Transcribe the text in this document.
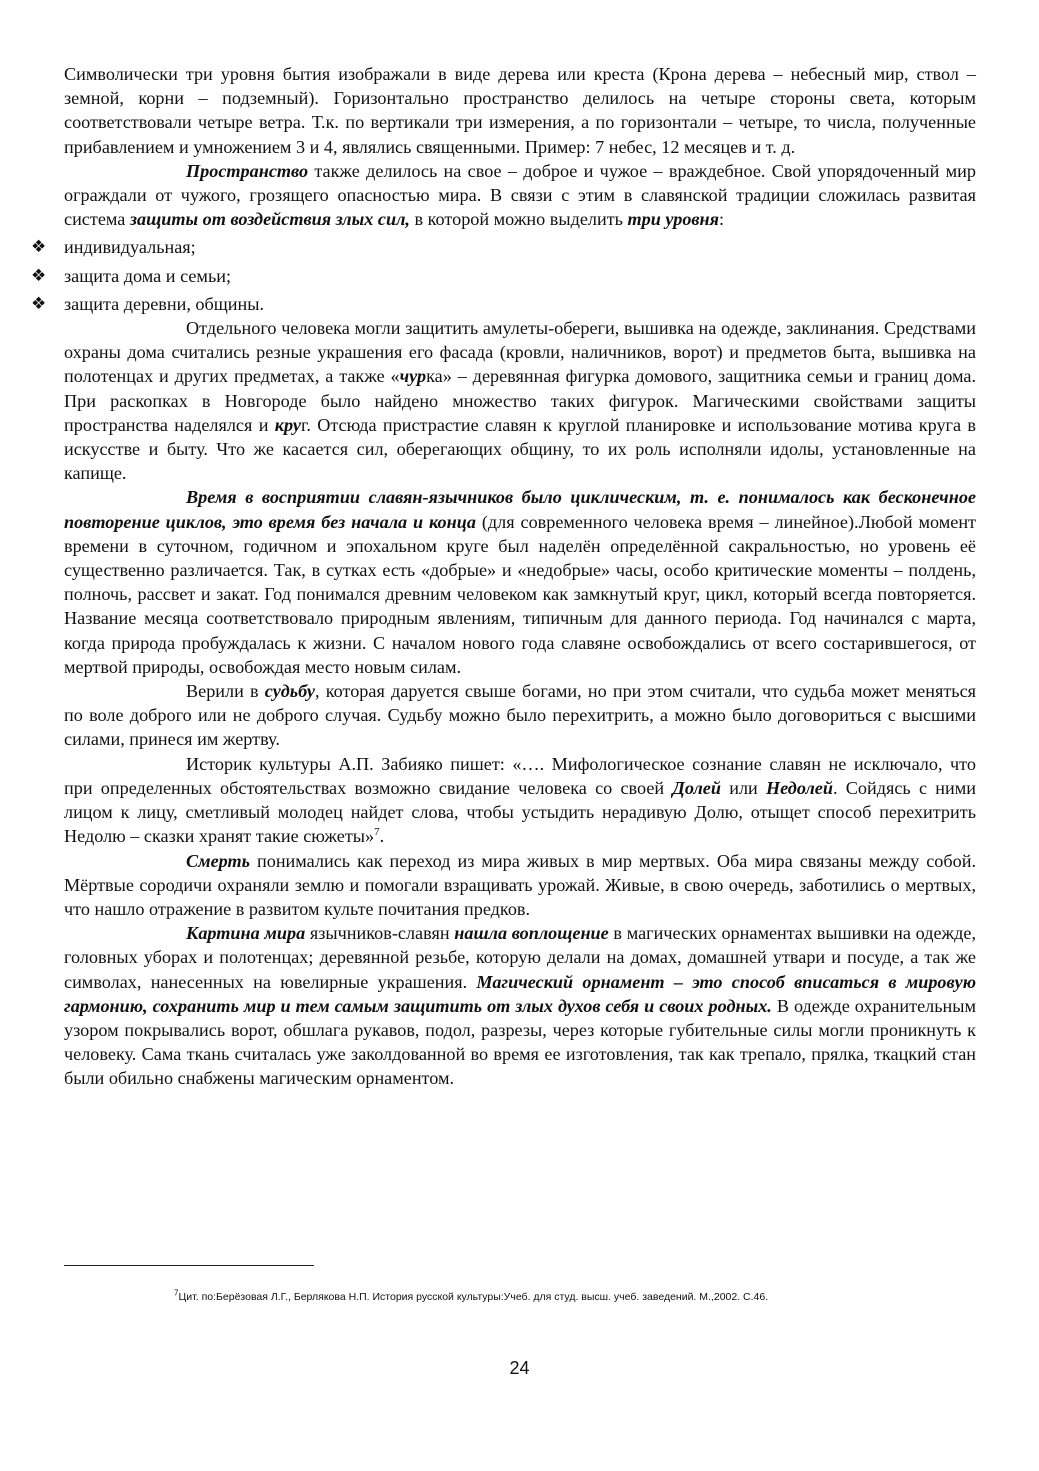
Символически три уровня бытия изображали в виде дерева или креста (Крона дерева – небесный мир, ствол – земной, корни – подземный). Горизонтально пространство делилось на четыре стороны света, которым соответствовали четыре ветра. Т.к. по вертикали три измерения, а по горизонтали – четыре, то числа, полученные прибавлением и умножением 3 и 4, являлись священными. Пример: 7 небес, 12 месяцев и т. д.

Пространство также делилось на свое – доброе и чужое – враждебное. Свой упорядоченный мир ограждали от чужого, грозящего опасностью мира. В связи с этим в славянской традиции сложилась развитая система защиты от воздействия злых сил, в которой можно выделить три уровня:

❖ индивидуальная;
❖ защита дома и семьи;
❖ защита деревни, общины.

Отдельного человека могли защитить амулеты-обереги, вышивка на одежде, заклинания. Средствами охраны дома считались резные украшения его фасада (кровли, наличников, ворот) и предметов быта, вышивка на полотенцах и других предметах, а также «чурка» – деревянная фигурка домового, защитника семьи и границ дома. При раскопках в Новгороде было найдено множество таких фигурок. Магическими свойствами защиты пространства наделялся и круг. Отсюда пристрастие славян к круглой планировке и использование мотива круга в искусстве и быту. Что же касается сил, оберегающих общину, то их роль исполняли идолы, установленные на капище.

Время в восприятии славян-язычников было циклическим, т. е. понималось как бесконечное повторение циклов, это время без начала и конца (для современного человека время – линейное).Любой момент времени в суточном, годичном и эпохальном круге был наделён определённой сакральностью, но уровень её существенно различается. Так, в сутках есть «добрые» и «недобрые» часы, особо критические моменты – полдень, полночь, рассвет и закат. Год понимался древним человеком как замкнутый круг, цикл, который всегда повторяется. Название месяца соответствовало природным явлениям, типичным для данного периода. Год начинался с марта, когда природа пробуждалась к жизни. С началом нового года славяне освобождались от всего состарившегося, от мертвой природы, освобождая место новым силам.

Верили в судьбу, которая даруется свыше богами, но при этом считали, что судьба может меняться по воле доброго или не доброго случая. Судьбу можно было перехитрить, а можно было договориться с высшими силами, принеся им жертву.

Историк культуры А.П. Забияко пишет: «…. Мифологическое сознание славян не исключало, что при определенных обстоятельствах возможно свидание человека со своей Долей или Недолей. Сойдясь с ними лицом к лицу, сметливый молодец найдет слова, чтобы устыдить нерадивую Долю, отыщет способ перехитрить Недолю – сказки хранят такие сюжеты»$^7$.

Смерть понимались как переход из мира живых в мир мертвых. Оба мира связаны между собой. Мёртвые сородичи охраняли землю и помогали взращивать урожай. Живые, в свою очередь, заботились о мертвых, что нашло отражение в развитом культе почитания предков.

Картина мира язычников-славян нашла воплощение в магических орнаментах вышивки на одежде, головных уборах и полотенцах; деревянной резьбе, которую делали на домах, домашней утвари и посуде, а так же символах, нанесенных на ювелирные украшения. Магический орнамент – это способ вписаться в мировую гармонию, сохранить мир и тем самым защитить от злых духов себя и своих родных. В одежде охранительным узором покрывались ворот, обшлага рукавов, подол, разрезы, через которые губительные силы могли проникнуть к человеку. Сама ткань считалась уже заколдованной во время ее изготовления, так как трепало, прялка, ткацкий стан были обильно снабжены магическим орнаментом.

$^7$Цит. по:Берёзовая Л.Г., Берлякова Н.П. История русской культуры:Учеб. для студ. высш. учеб. заведений. М.,2002. С.46.
24
